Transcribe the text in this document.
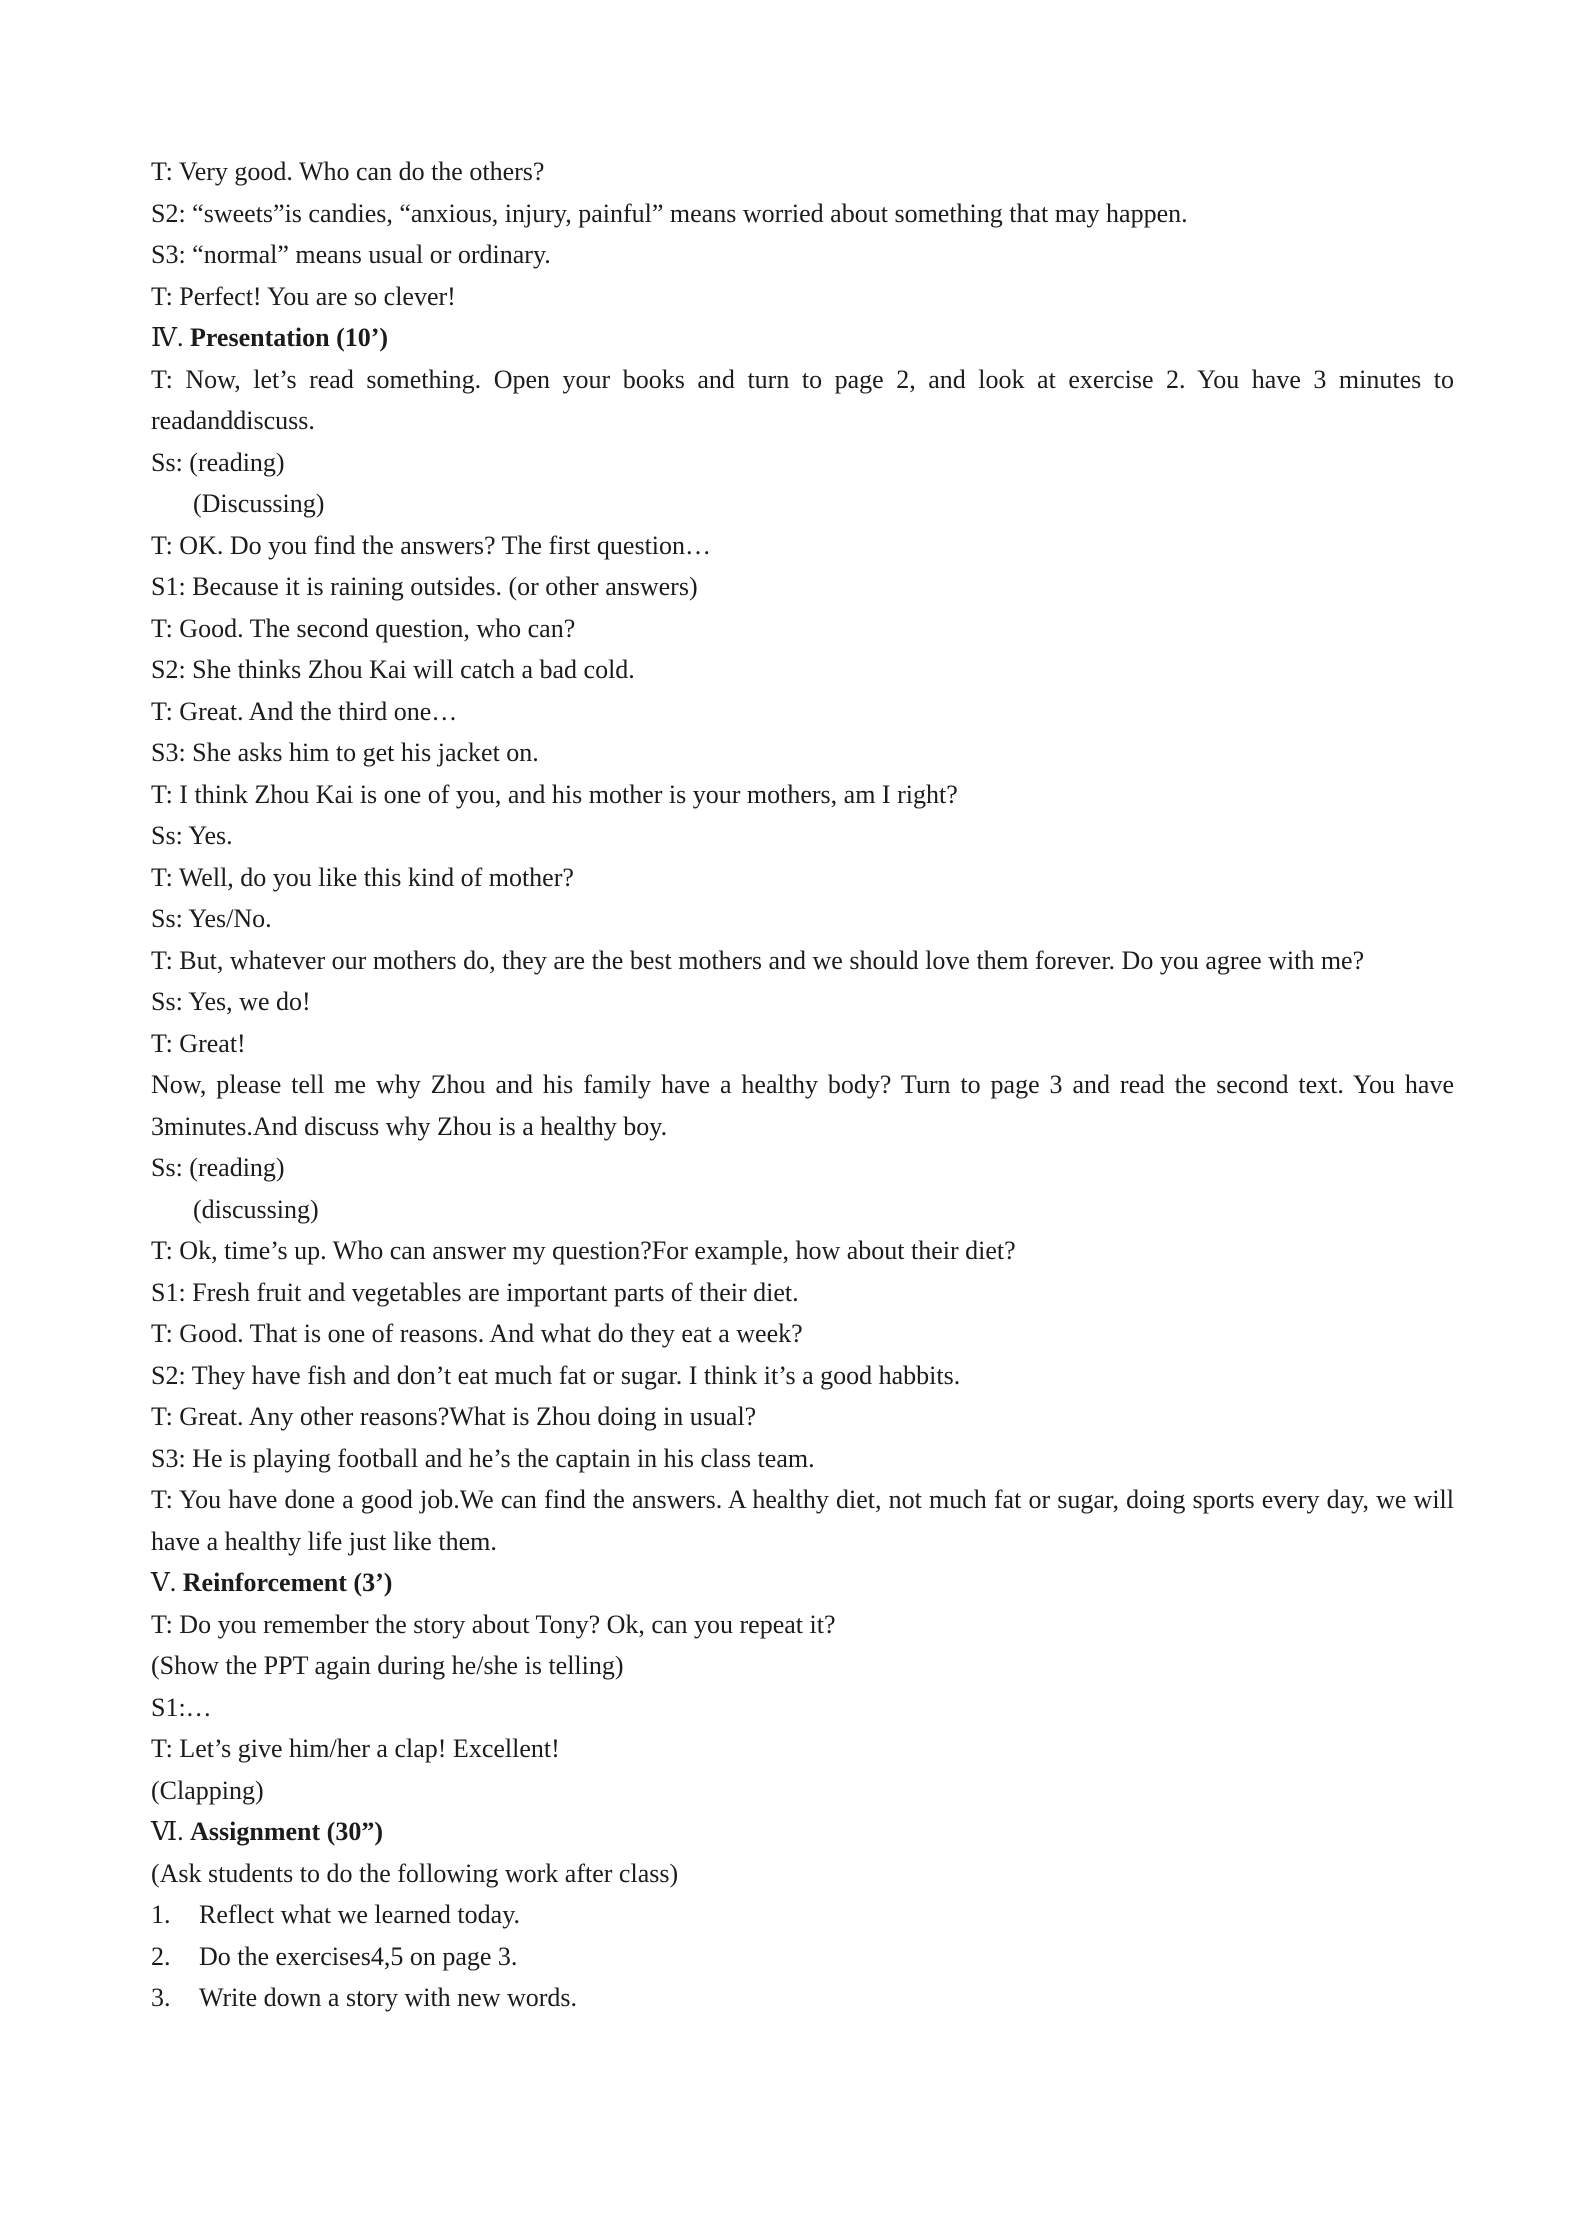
T: Very good. Who can do the others?
S2: “sweets”is candies, “anxious, injury, painful” means worried about something that may happen.
S3: “normal” means usual or ordinary.
T: Perfect! You are so clever!
Ⅳ. Presentation (10’)
T: Now, let’s read something. Open your books and turn to page 2, and look at exercise 2. You have 3 minutes to readanddiscuss.
Ss: (reading)
(Discussing)
T: OK. Do you find the answers? The first question…
S1: Because it is raining outsides. (or other answers)
T: Good. The second question, who can?
S2: She thinks Zhou Kai will catch a bad cold.
T: Great. And the third one…
S3: She asks him to get his jacket on.
T: I think Zhou Kai is one of you, and his mother is your mothers, am I right?
Ss: Yes.
T: Well, do you like this kind of mother?
Ss: Yes/No.
T: But, whatever our mothers do, they are the best mothers and we should love them forever. Do you agree with me?
Ss: Yes, we do!
T: Great!
Now, please tell me why Zhou and his family have a healthy body? Turn to page 3 and read the second text. You have 3minutes.And discuss why Zhou is a healthy boy.
Ss: (reading)
(discussing)
T: Ok, time’s up. Who can answer my question?For example, how about their diet?
S1: Fresh fruit and vegetables are important parts of their diet.
T: Good. That is one of reasons. And what do they eat a week?
S2: They have fish and don’t eat much fat or sugar. I think it’s a good habbits.
T: Great. Any other reasons?What is Zhou doing in usual?
S3: He is playing football and he’s the captain in his class team.
T: You have done a good job.We can find the answers. A healthy diet, not much fat or sugar, doing sports every day, we will have a healthy life just like them.
Ⅴ. Reinforcement (3’)
T: Do you remember the story about Tony? Ok, can you repeat it?
(Show the PPT again during he/she is telling)
S1:…
T: Let’s give him/her a clap! Excellent!
(Clapping)
Ⅵ. Assignment (30”)
(Ask students to do the following work after class)
1.	Reflect what we learned today.
2.	Do the exercises4,5 on page 3.
3.	Write down a story with new words.
